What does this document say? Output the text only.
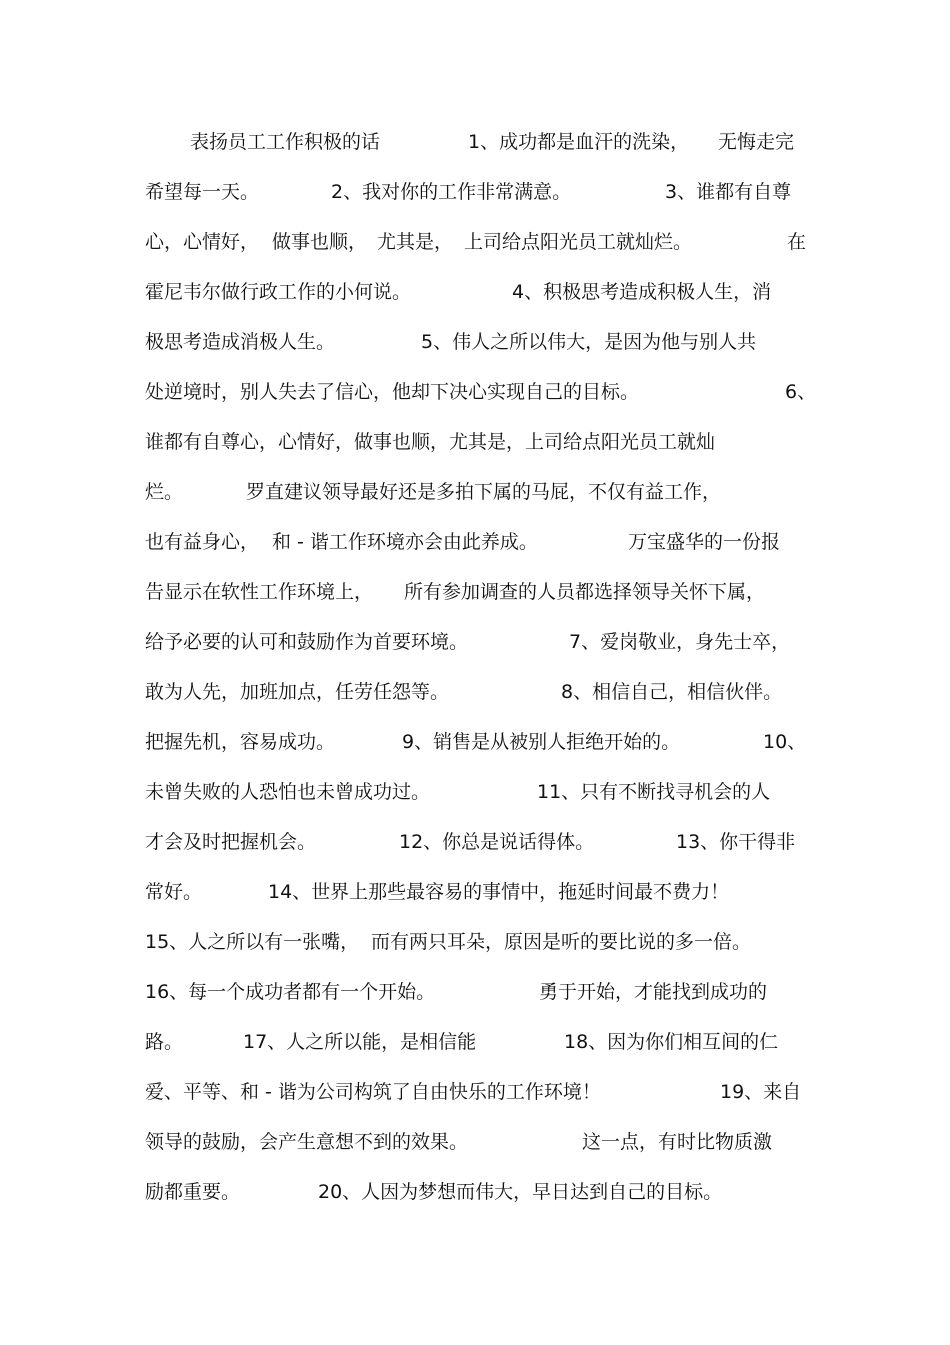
表扬员工工作积极的话

	1、成功都是血汗的洗染，

无悔走完

希望每一天。

	2、我对你的工作非常满意。

	3、谁都有自尊

心，心情好，

做事也顺，

尤其是，

上司给点阳光员工就灿烂。

	在

霍尼韦尔做行政工作的小何说。

	4、积极思考造成积极人生，消

极思考造成消极人生。

	5、伟人之所以伟大，是因为他与别人共

处逆境时，别人失去了信心，他却下决心实现自己的目标。

	6、

谁都有自尊心，心情好，做事也顺，尤其是，上司给点阳光员工就灿

烂。

	罗直建议领导最好还是多拍下属的马屁，不仅有益工作，

也有益身心，

和 - 谐工作环境亦会由此养成。

	万宝盛华的一份报

告显示在软性工作环境上，

所有参加调查的人员都选择领导关怀下属，

给予必要的认可和鼓励作为首要环境。

	7、爱岗敬业，身先士卒，

敢为人先，加班加点，任劳任怨等。

	8、相信自己，相信伙伴。

把握先机，容易成功。

	9、销售是从被别人拒绝开始的。

	10、

未曾失败的人恐怕也未曾成功过。

	11、只有不断找寻机会的人

才会及时把握机会。

	12、你总是说话得体。

	13、你干得非

常好。

	14、世界上那些最容易的事情中，拖延时间最不费力！

15、人之所以有一张嘴，

而有两只耳朵，原因是听的要比说的多一倍。

16、每一个成功者都有一个开始。

	勇于开始，才能找到成功的

路。

	17、人之所以能，是相信能

	18、因为你们相互间的仁

爱、平等、和 - 谐为公司构筑了自由快乐的工作环境！

	19、来自

领导的鼓励，会产生意想不到的效果。

	这一点，有时比物质激

励都重要。

	20、人因为梦想而伟大，早日达到自己的目标。
